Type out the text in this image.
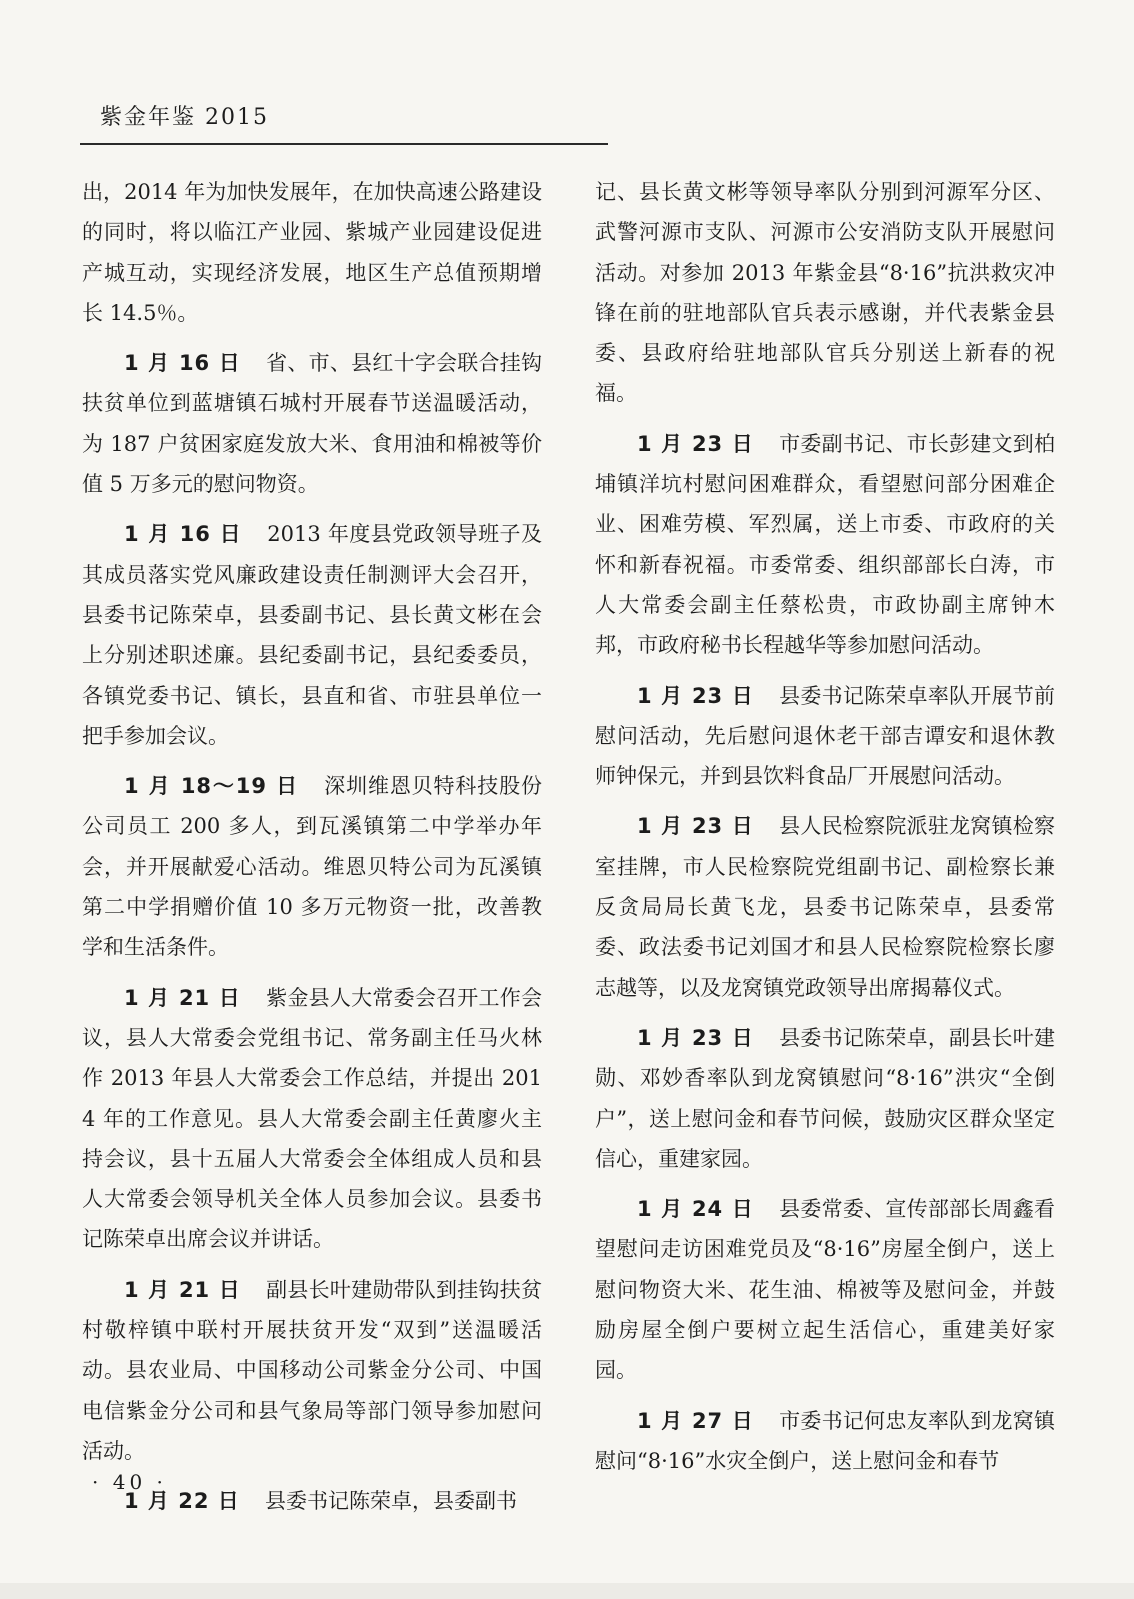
紫金年鉴 2015

出，2014 年为加快发展年，在加快高速公路建设的同时，将以临江产业园、紫城产业园建设促进产城互动，实现经济发展，地区生产总值预期增长 14.5％。

1 月 16 日 省、市、县红十字会联合挂钩扶贫单位到蓝塘镇石城村开展春节送温暖活动，为 187 户贫困家庭发放大米、食用油和棉被等价值 5 万多元的慰问物资。

1 月 16 日 2013 年度县党政领导班子及其成员落实党风廉政建设责任制测评大会召开，县委书记陈荣卓，县委副书记、县长黄文彬在会上分别述职述廉。县纪委副书记，县纪委委员，各镇党委书记、镇长，县直和省、市驻县单位一把手参加会议。

1 月 18～19 日 深圳维恩贝特科技股份公司员工 200 多人，到瓦溪镇第二中学举办年会，并开展献爱心活动。维恩贝特公司为瓦溪镇第二中学捐赠价值 10 多万元物资一批，改善教学和生活条件。

1 月 21 日 紫金县人大常委会召开工作会议，县人大常委会党组书记、常务副主任马火林作 2013 年县人大常委会工作总结，并提出 2014 年的工作意见。县人大常委会副主任黄廖火主持会议，县十五届人大常委会全体组成人员和县人大常委会领导机关全体人员参加会议。县委书记陈荣卓出席会议并讲话。

1 月 21 日 副县长叶建勋带队到挂钩扶贫村敬梓镇中联村开展扶贫开发“双到”送温暖活动。县农业局、中国移动公司紫金分公司、中国电信紫金分公司和县气象局等部门领导参加慰问活动。

1 月 22 日 县委书记陈荣卓，县委副书

记、县长黄文彬等领导率队分别到河源军分区、武警河源市支队、河源市公安消防支队开展慰问活动。对参加 2013 年紫金县“8·16”抗洪救灾冲锋在前的驻地部队官兵表示感谢，并代表紫金县委、县政府给驻地部队官兵分别送上新春的祝福。

1 月 23 日 市委副书记、市长彭建文到柏埔镇洋坑村慰问困难群众，看望慰问部分困难企业、困难劳模、军烈属，送上市委、市政府的关怀和新春祝福。市委常委、组织部部长白涛，市人大常委会副主任蔡松贵，市政协副主席钟木邦，市政府秘书长程越华等参加慰问活动。

1 月 23 日 县委书记陈荣卓率队开展节前慰问活动，先后慰问退休老干部吉谭安和退休教师钟保元，并到县饮料食品厂开展慰问活动。

1 月 23 日 县人民检察院派驻龙窝镇检察室挂牌，市人民检察院党组副书记、副检察长兼反贪局局长黄飞龙，县委书记陈荣卓，县委常委、政法委书记刘国才和县人民检察院检察长廖志越等，以及龙窝镇党政领导出席揭幕仪式。

1 月 23 日 县委书记陈荣卓，副县长叶建勋、邓妙香率队到龙窝镇慰问“8·16”洪灾“全倒户”，送上慰问金和春节问候，鼓励灾区群众坚定信心，重建家园。

1 月 24 日 县委常委、宣传部部长周鑫看望慰问走访困难党员及“8·16”房屋全倒户，送上慰问物资大米、花生油、棉被等及慰问金，并鼓励房屋全倒户要树立起生活信心，重建美好家园。

1 月 27 日 市委书记何忠友率队到龙窝镇慰问“8·16”水灾全倒户，送上慰问金和春节

· 40 ·
